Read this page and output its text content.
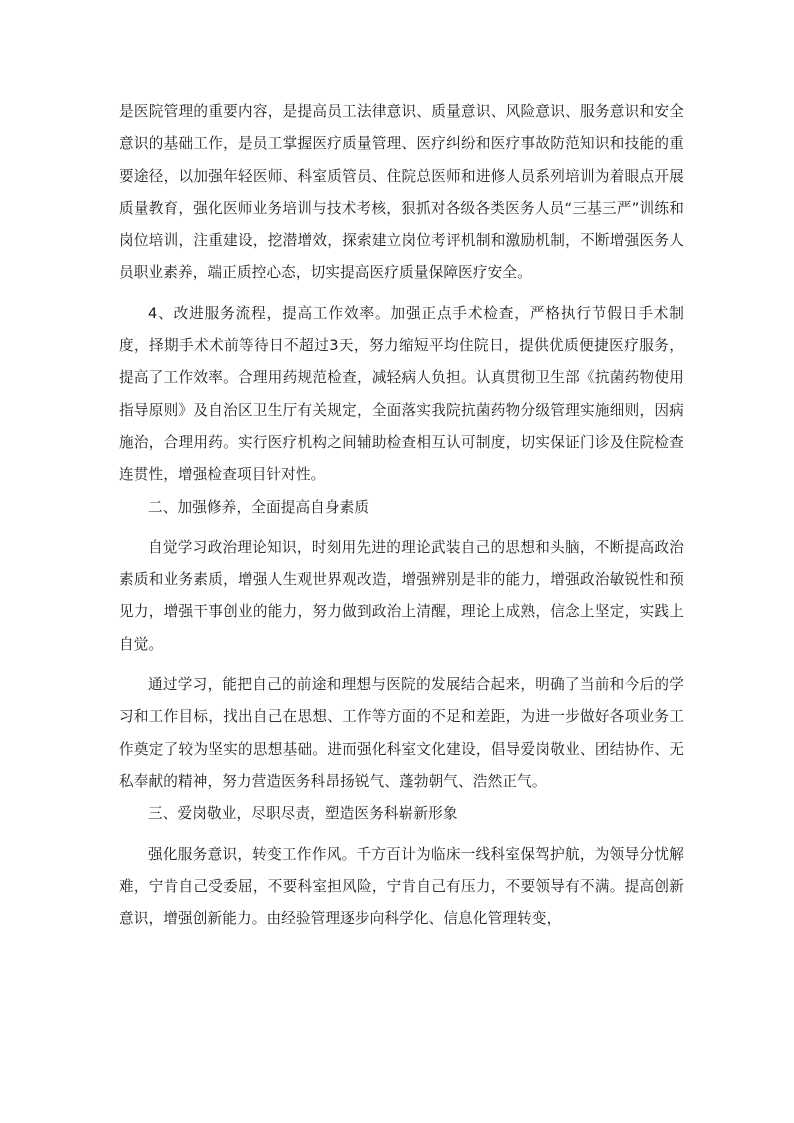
是医院管理的重要内容，是提高员工法律意识、质量意识、风险意识、服务意识和安全意识的基础工作，是员工掌握医疗质量管理、医疗纠纷和医疗事故防范知识和技能的重要途径，以加强年轻医师、科室质管员、住院总医师和进修人员系列培训为着眼点开展质量教育，强化医师业务培训与技术考核，狠抓对各级各类医务人员“三基三严”训练和岗位培训，注重建设，挖潜增效，探索建立岗位考评机制和激励机制，不断增强医务人员职业素养，端正质控心态，切实提高医疗质量保障医疗安全。

4、改进服务流程，提高工作效率。加强正点手术检查，严格执行节假日手术制度，择期手术术前等待日不超过3天，努力缩短平均住院日，提供优质便捷医疗服务，提高了工作效率。合理用药规范检查，减轻病人负担。认真贯彻卫生部《抗菌药物使用指导原则》及自治区卫生厅有关规定，全面落实我院抗菌药物分级管理实施细则，因病施治，合理用药。实行医疗机构之间辅助检查相互认可制度，切实保证门诊及住院检查连贯性，增强检查项目针对性。

二、加强修养，全面提高自身素质

自觉学习政治理论知识，时刻用先进的理论武装自己的思想和头脑，不断提高政治素质和业务素质，增强人生观世界观改造，增强辨别是非的能力，增强政治敏锐性和预见力，增强干事创业的能力，努力做到政治上清醒，理论上成熟，信念上坚定，实践上自觉。

通过学习，能把自己的前途和理想与医院的发展结合起来，明确了当前和今后的学习和工作目标，找出自己在思想、工作等方面的不足和差距，为进一步做好各项业务工作奠定了较为坚实的思想基础。进而强化科室文化建设，倡导爱岗敬业、团结协作、无私奉献的精神，努力营造医务科昂扬锐气、蓬勃朝气、浩然正气。

三、爱岗敬业，尽职尽责，塑造医务科崭新形象

强化服务意识，转变工作作风。千方百计为临床一线科室保驾护航，为领导分忧解难，宁肯自己受委屈，不要科室担风险，宁肯自己有压力，不要领导有不满。提高创新意识，增强创新能力。由经验管理逐步向科学化、信息化管理转变，
